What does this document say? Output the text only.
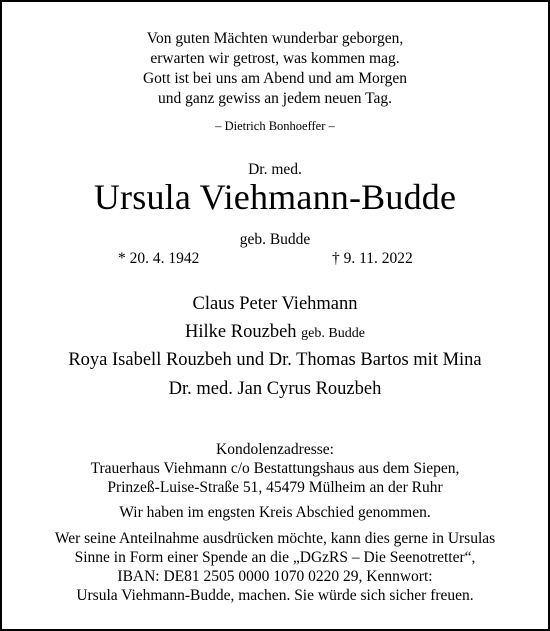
Von guten Mächten wunderbar geborgen,
erwarten wir getrost, was kommen mag.
Gott ist bei uns am Abend und am Morgen
und ganz gewiss an jedem neuen Tag.
– Dietrich Bonhoeffer –
Dr. med.
Ursula Viehmann-Budde
geb. Budde
* 20. 4. 1942	† 9. 11. 2022
Claus Peter Viehmann
Hilke Rouzbeh geb. Budde
Roya Isabell Rouzbeh und Dr. Thomas Bartos mit Mina
Dr. med. Jan Cyrus Rouzbeh
Kondolenzadresse:
Trauerhaus Viehmann c/o Bestattungshaus aus dem Siepen,
Prinzeß-Luise-Straße 51, 45479 Mülheim an der Ruhr
Wir haben im engsten Kreis Abschied genommen.
Wer seine Anteilnahme ausdrücken möchte, kann dies gerne in Ursulas
Sinne in Form einer Spende an die „DGzRS – Die Seenotretter“,
IBAN: DE81 2505 0000 1070 0220 29, Kennwort:
Ursula Viehmann-Budde, machen. Sie würde sich sicher freuen.
